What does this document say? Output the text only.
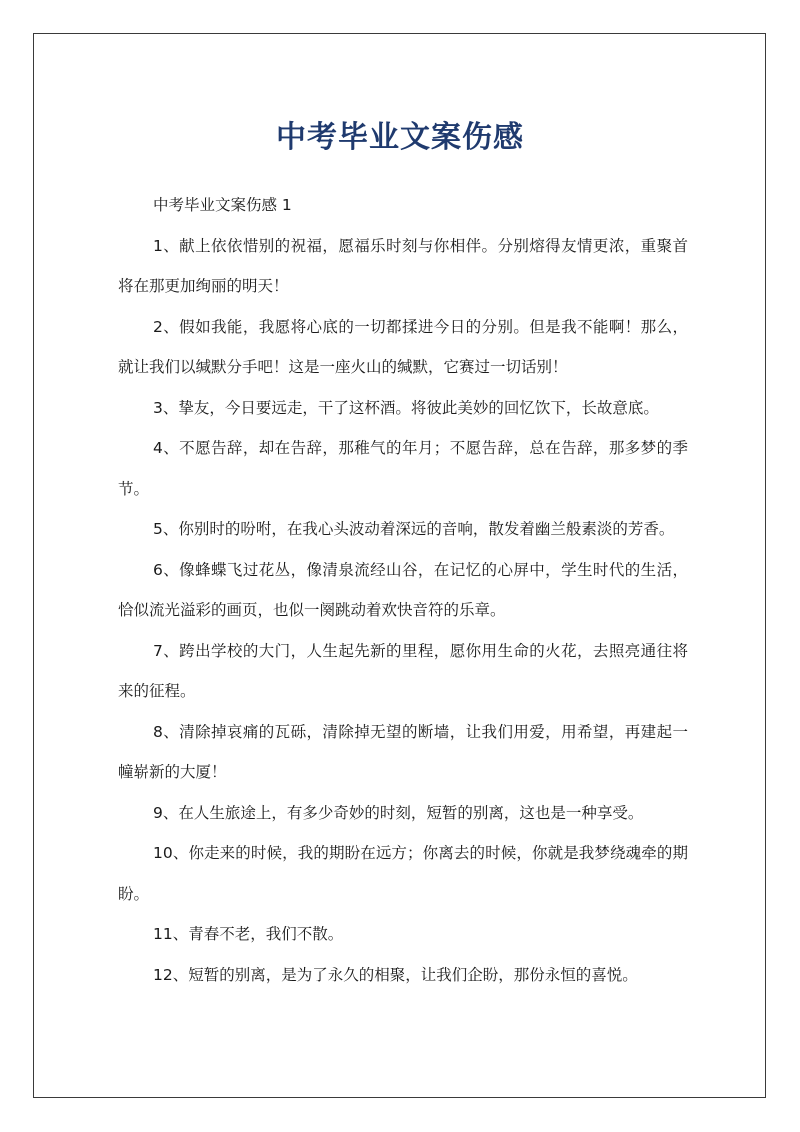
中考毕业文案伤感

中考毕业文案伤感 1

1、献上依依惜别的祝福，愿福乐时刻与你相伴。分别熔得友情更浓，重聚首将在那更加绚丽的明天！

2、假如我能，我愿将心底的一切都揉进今日的分别。但是我不能啊！那么，就让我们以缄默分手吧！这是一座火山的缄默，它赛过一切话别！

3、挚友，今日要远走，干了这杯酒。将彼此美妙的回忆饮下，长故意底。

4、不愿告辞，却在告辞，那稚气的年月；不愿告辞，总在告辞，那多梦的季节。

5、你别时的吩咐，在我心头波动着深远的音响，散发着幽兰般素淡的芳香。

6、像蜂蝶飞过花丛，像清泉流经山谷，在记忆的心屏中，学生时代的生活，恰似流光溢彩的画页，也似一阕跳动着欢快音符的乐章。

7、跨出学校的大门，人生起先新的里程，愿你用生命的火花，去照亮通往将来的征程。

8、清除掉哀痛的瓦砾，清除掉无望的断墙，让我们用爱，用希望，再建起一幢崭新的大厦！

9、在人生旅途上，有多少奇妙的时刻，短暂的别离，这也是一种享受。

10、你走来的时候，我的期盼在远方；你离去的时候，你就是我梦绕魂牵的期盼。

11、青春不老，我们不散。

12、短暂的别离，是为了永久的相聚，让我们企盼，那份永恒的喜悦。
